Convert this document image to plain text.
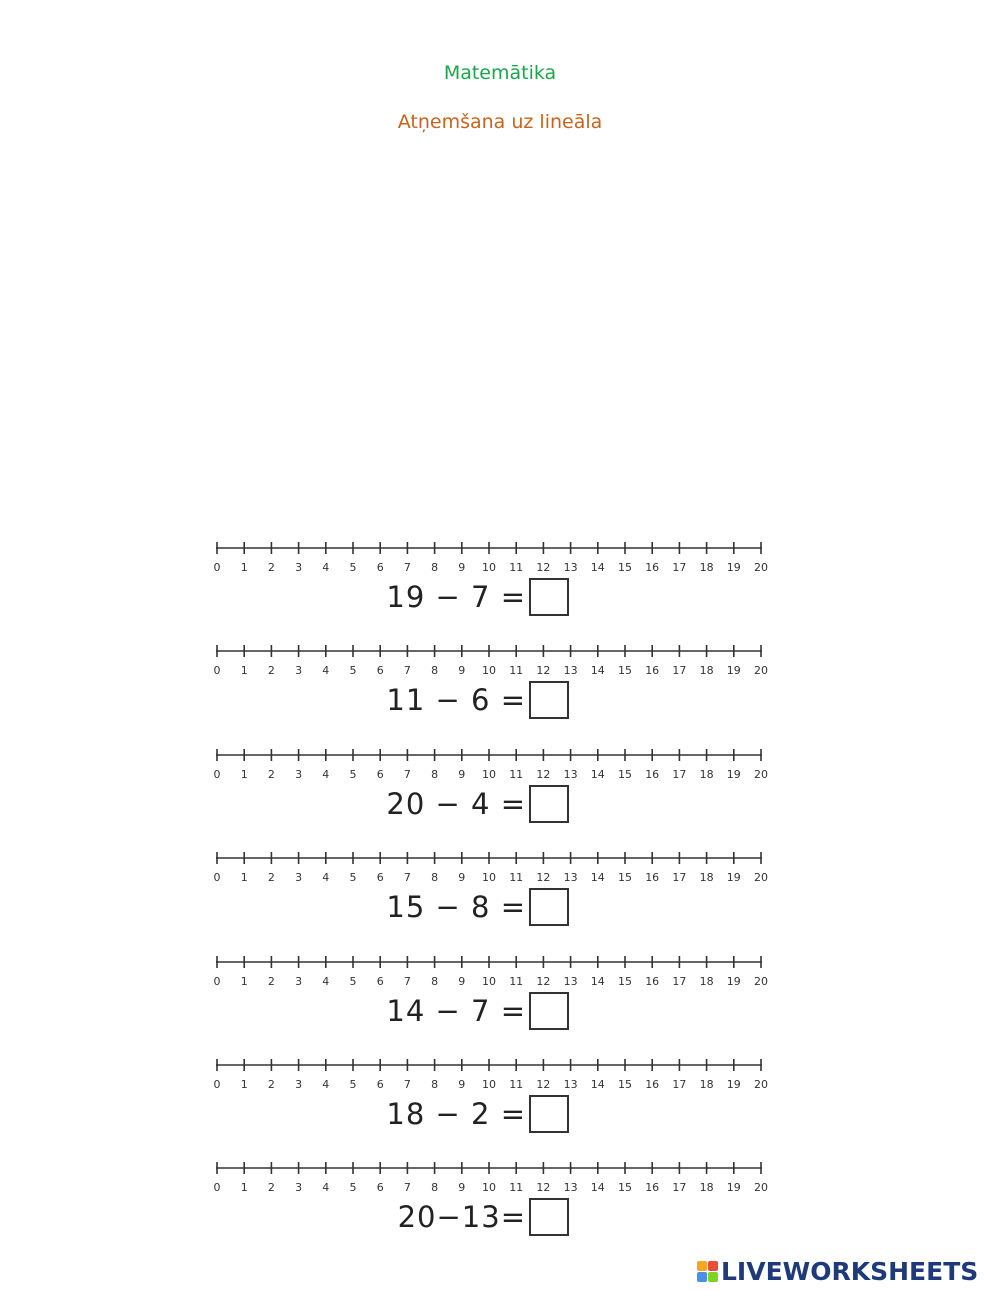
Matemātika
Atņemšana uz lineāla
0 1 2 3 4 5 6 7 8 9 10 11 12 13 14 15 16 17 18 19 20
19 − 7 =
0 1 2 3 4 5 6 7 8 9 10 11 12 13 14 15 16 17 18 19 20
11 − 6 =
0 1 2 3 4 5 6 7 8 9 10 11 12 13 14 15 16 17 18 19 20
20 − 4 =
0 1 2 3 4 5 6 7 8 9 10 11 12 13 14 15 16 17 18 19 20
15 − 8 =
0 1 2 3 4 5 6 7 8 9 10 11 12 13 14 15 16 17 18 19 20
14 − 7 =
0 1 2 3 4 5 6 7 8 9 10 11 12 13 14 15 16 17 18 19 20
18 − 2 =
0 1 2 3 4 5 6 7 8 9 10 11 12 13 14 15 16 17 18 19 20
20−13=
LIVEWORKSHEETS
